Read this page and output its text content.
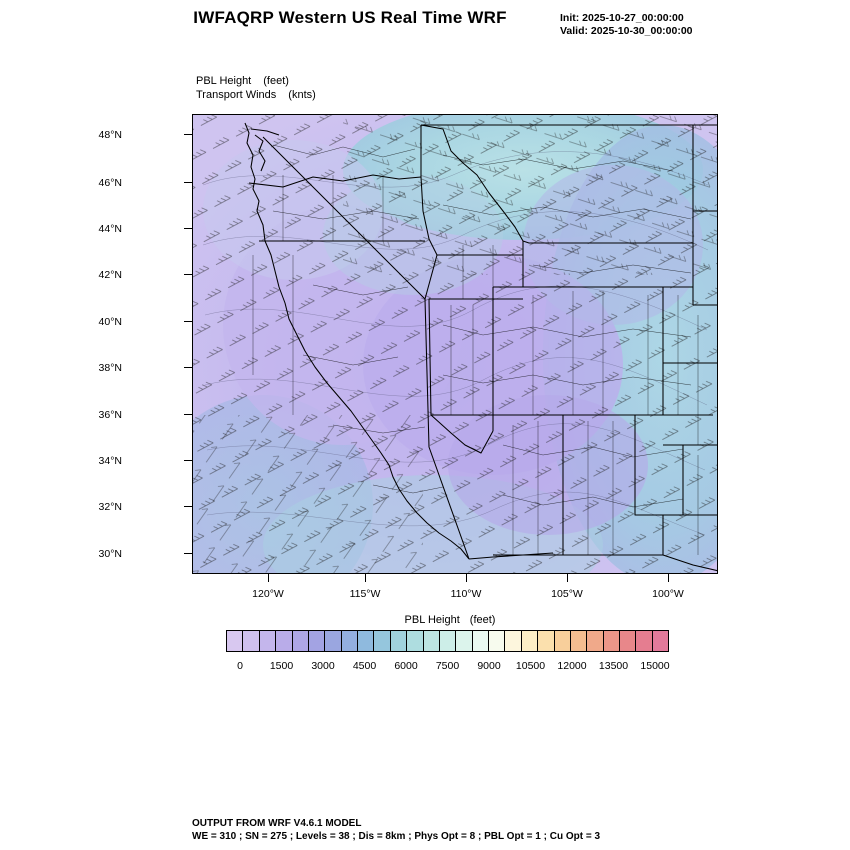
IWFAQRP Western US Real Time WRF	Init: 2025-10-27_00:00:00
Valid: 2025-10-30_00:00:00
PBL Height (feet)
Transport Winds (knts)
48°N
46°N
44°N
42°N
40°N
38°N
36°N
34°N
32°N
30°N
120°W	115°W	110°W	105°W	100°W
PBL Height (feet)
0	1500	3000	4500	6000	7500	9000	10500	12000	13500	15000
OUTPUT FROM WRF V4.6.1 MODEL
WE = 310 ; SN = 275 ; Levels = 38 ; Dis = 8km ; Phys Opt = 8 ; PBL Opt = 1 ; Cu Opt = 3
